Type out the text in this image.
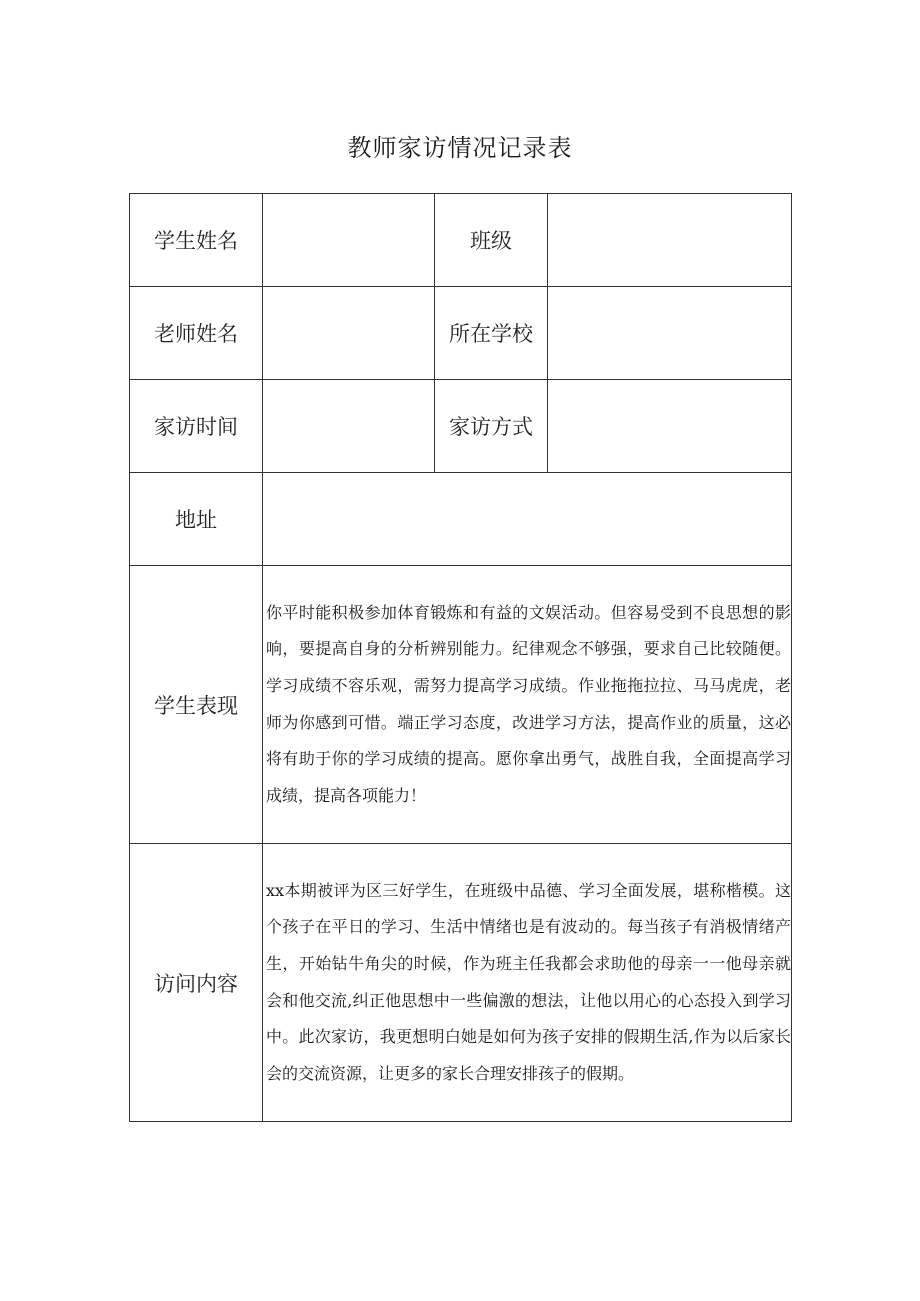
教师家访情况记录表
学生姓名		班级	
老师姓名		所在学校	
家访时间		家访方式	
地址			
学生表现	你平时能积极参加体育锻炼和有益的文娱活动。但容易受到不良思想的影响，要提高自身的分析辨别能力。纪律观念不够强，要求自己比较随便。学习成绩不容乐观，需努力提高学习成绩。作业拖拖拉拉、马马虎虎，老师为你感到可惜。端正学习态度，改进学习方法，提高作业的质量，这必将有助于你的学习成绩的提高。愿你拿出勇气，战胜自我，全面提高学习成绩，提高各项能力！		

访问内容	xx本期被评为区三好学生，在班级中品德、学习全面发展，堪称楷模。这个孩子在平日的学习、生活中情绪也是有波动的。每当孩子有消极情绪产生，开始钻牛角尖的时候，作为班主任我都会求助他的母亲一一他母亲就会和他交流,纠正他思想中一些偏激的想法，让他以用心的心态投入到学习中。此次家访，我更想明白她是如何为孩子安排的假期生活,作为以后家长会的交流资源，让更多的家长合理安排孩子的假期。		
